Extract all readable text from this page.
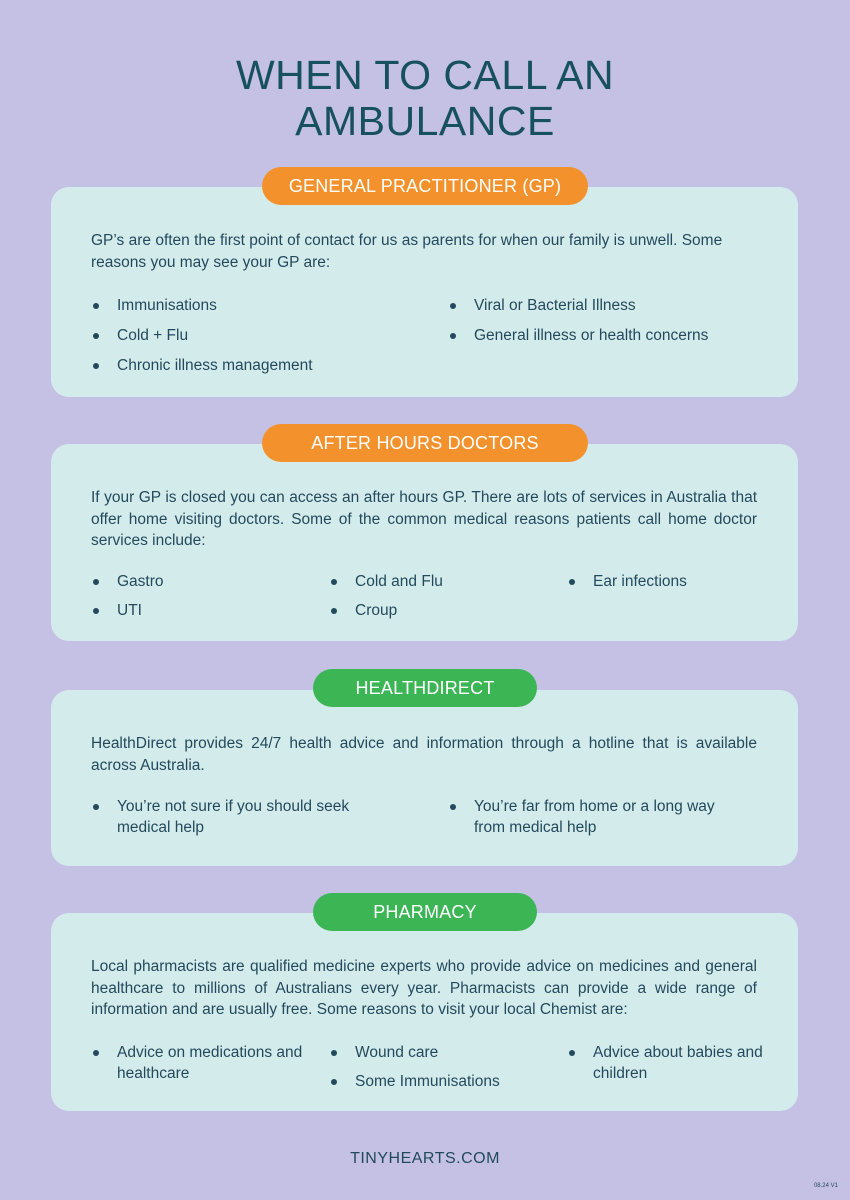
WHEN TO CALL AN
AMBULANCE

GP’s are often the first point of contact for us as parents for when our family is unwell. Some reasons you may see your GP are:

Immunisations
Cold + Flu
Chronic illness management
Viral or Bacterial Illness
General illness or health concerns
GENERAL PRACTITIONER (GP)

If your GP is closed you can access an after hours GP. There are lots of services in Australia that offer home visiting doctors. Some of the common medical reasons patients call home doctor services include:

Gastro
UTI
Cold and Flu
Croup
Ear infections
AFTER HOURS DOCTORS

HealthDirect provides 24/7 health advice and information through a hotline that is available across Australia.

You’re not sure if you should seek medical help
You’re far from home or a long way from medical help
HEALTHDIRECT

Local pharmacists are qualified medicine experts who provide advice on medicines and general healthcare to millions of Australians every year. Pharmacists can provide a wide range of information and are usually free. Some reasons to visit your local Chemist are:

Advice on medications and healthcare
Wound care
Some Immunisations
Advice about babies and children
PHARMACY
TINYHEARTS.COM
08.24 V1
